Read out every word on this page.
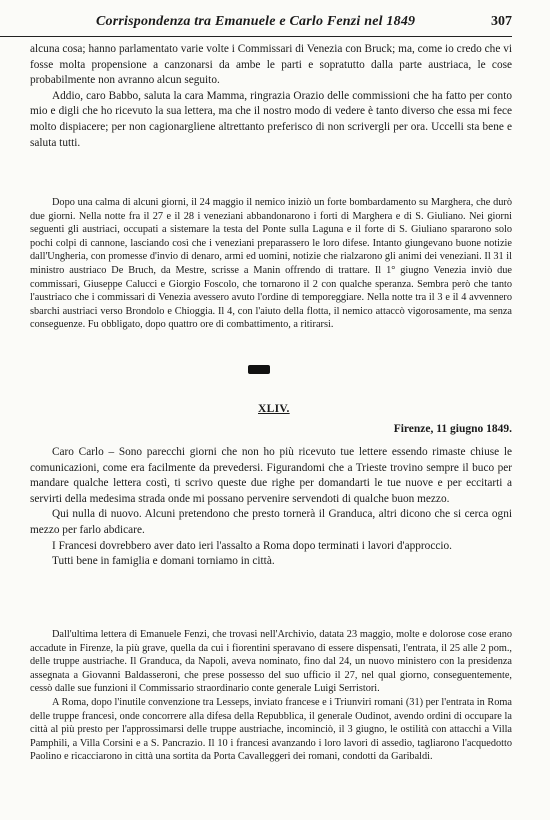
Corrispondenza tra Emanuele e Carlo Fenzi nel 1849	307

alcuna cosa; hanno parlamentato varie volte i Commissari di Venezia con Bruck; ma, come io credo che vi fosse molta propensione a canzonarsi da ambe le parti e sopratutto dalla parte austriaca, le cose probabilmente non avranno alcun seguito.

Addio, caro Babbo, saluta la cara Mamma, ringrazia Orazio delle commissioni che ha fatto per conto mio e digli che ho ricevuto la sua lettera, ma che il nostro modo di vedere è tanto diverso che essa mi fece molto dispiacere; per non cagionargliene altrettanto preferisco di non scrivergli per ora. Uccelli sta bene e saluta tutti.

Dopo una calma di alcuni giorni, il 24 maggio il nemico iniziò un forte bombardamento su Marghera, che durò due giorni. Nella notte fra il 27 e il 28 i veneziani abbandonarono i forti di Marghera e di S. Giuliano. Nei giorni seguenti gli austriaci, occupati a sistemare la testa del Ponte sulla Laguna e il forte di S. Giuliano spararono solo pochi colpi di cannone, lasciando così che i veneziani preparassero le loro difese. Intanto giungevano buone notizie dall'Ungheria, con promesse d'invio di denaro, armi ed uomini, notizie che rialzarono gli animi dei veneziani. Il 31 il ministro austriaco De Bruch, da Mestre, scrisse a Manin offrendo di trattare. Il 1° giugno Venezia inviò due commissari, Giuseppe Calucci e Giorgio Foscolo, che tornarono il 2 con qualche speranza. Sembra però che tanto l'austriaco che i commissari di Venezia avessero avuto l'ordine di temporeggiare. Nella notte tra il 3 e il 4 avvennero sbarchi austriaci verso Brondolo e Chioggia. Il 4, con l'aiuto della flotta, il nemico attaccò vigorosamente, ma senza conseguenze. Fu obbligato, dopo quattro ore di combattimento, a ritirarsi.

XLIV.
Firenze, 11 giugno 1849.

Caro Carlo – Sono parecchi giorni che non ho più ricevuto tue lettere essendo rimaste chiuse le comunicazioni, come era facilmente da prevedersi. Figurandomi che a Trieste trovino sempre il buco per mandare qualche lettera costì, ti scrivo queste due righe per domandarti le tue nuove e per eccitarti a servirti della medesima strada onde mi possano pervenire servendoti di qualche buon mezzo.

Qui nulla di nuovo. Alcuni pretendono che presto tornerà il Granduca, altri dicono che si cerca ogni mezzo per farlo abdicare.

I Francesi dovrebbero aver dato ieri l'assalto a Roma dopo terminati i lavori d'approccio.

Tutti bene in famiglia e domani torniamo in città.

Dall'ultima lettera di Emanuele Fenzi, che trovasi nell'Archivio, datata 23 maggio, molte e dolorose cose erano accadute in Firenze, la più grave, quella da cui i fiorentini speravano di essere dispensati, l'entrata, il 25 alle 2 pom., delle truppe austriache. Il Granduca, da Napoli, aveva nominato, fino dal 24, un nuovo ministero con la presidenza assegnata a Giovanni Baldasseroni, che prese possesso del suo ufficio il 27, nel qual giorno, conseguentemente, cessò dalle sue funzioni il Commissario straordinario conte generale Luigi Serristori.

A Roma, dopo l'inutile convenzione tra Lesseps, inviato francese e i Triunviri romani (31) per l'entrata in Roma delle truppe francesi, onde concorrere alla difesa della Repubblica, il generale Oudinot, avendo ordini di occupare la città al più presto per l'approssimarsi delle truppe austriache, incominciò, il 3 giugno, le ostilità con attacchi a Villa Pamphili, a Villa Corsini e a S. Pancrazio. Il 10 i francesi avanzando i loro lavori di assedio, tagliarono l'acquedotto Paolino e ricacciarono in città una sortita da Porta Cavalleggeri dei romani, condotti da Garibaldi.
